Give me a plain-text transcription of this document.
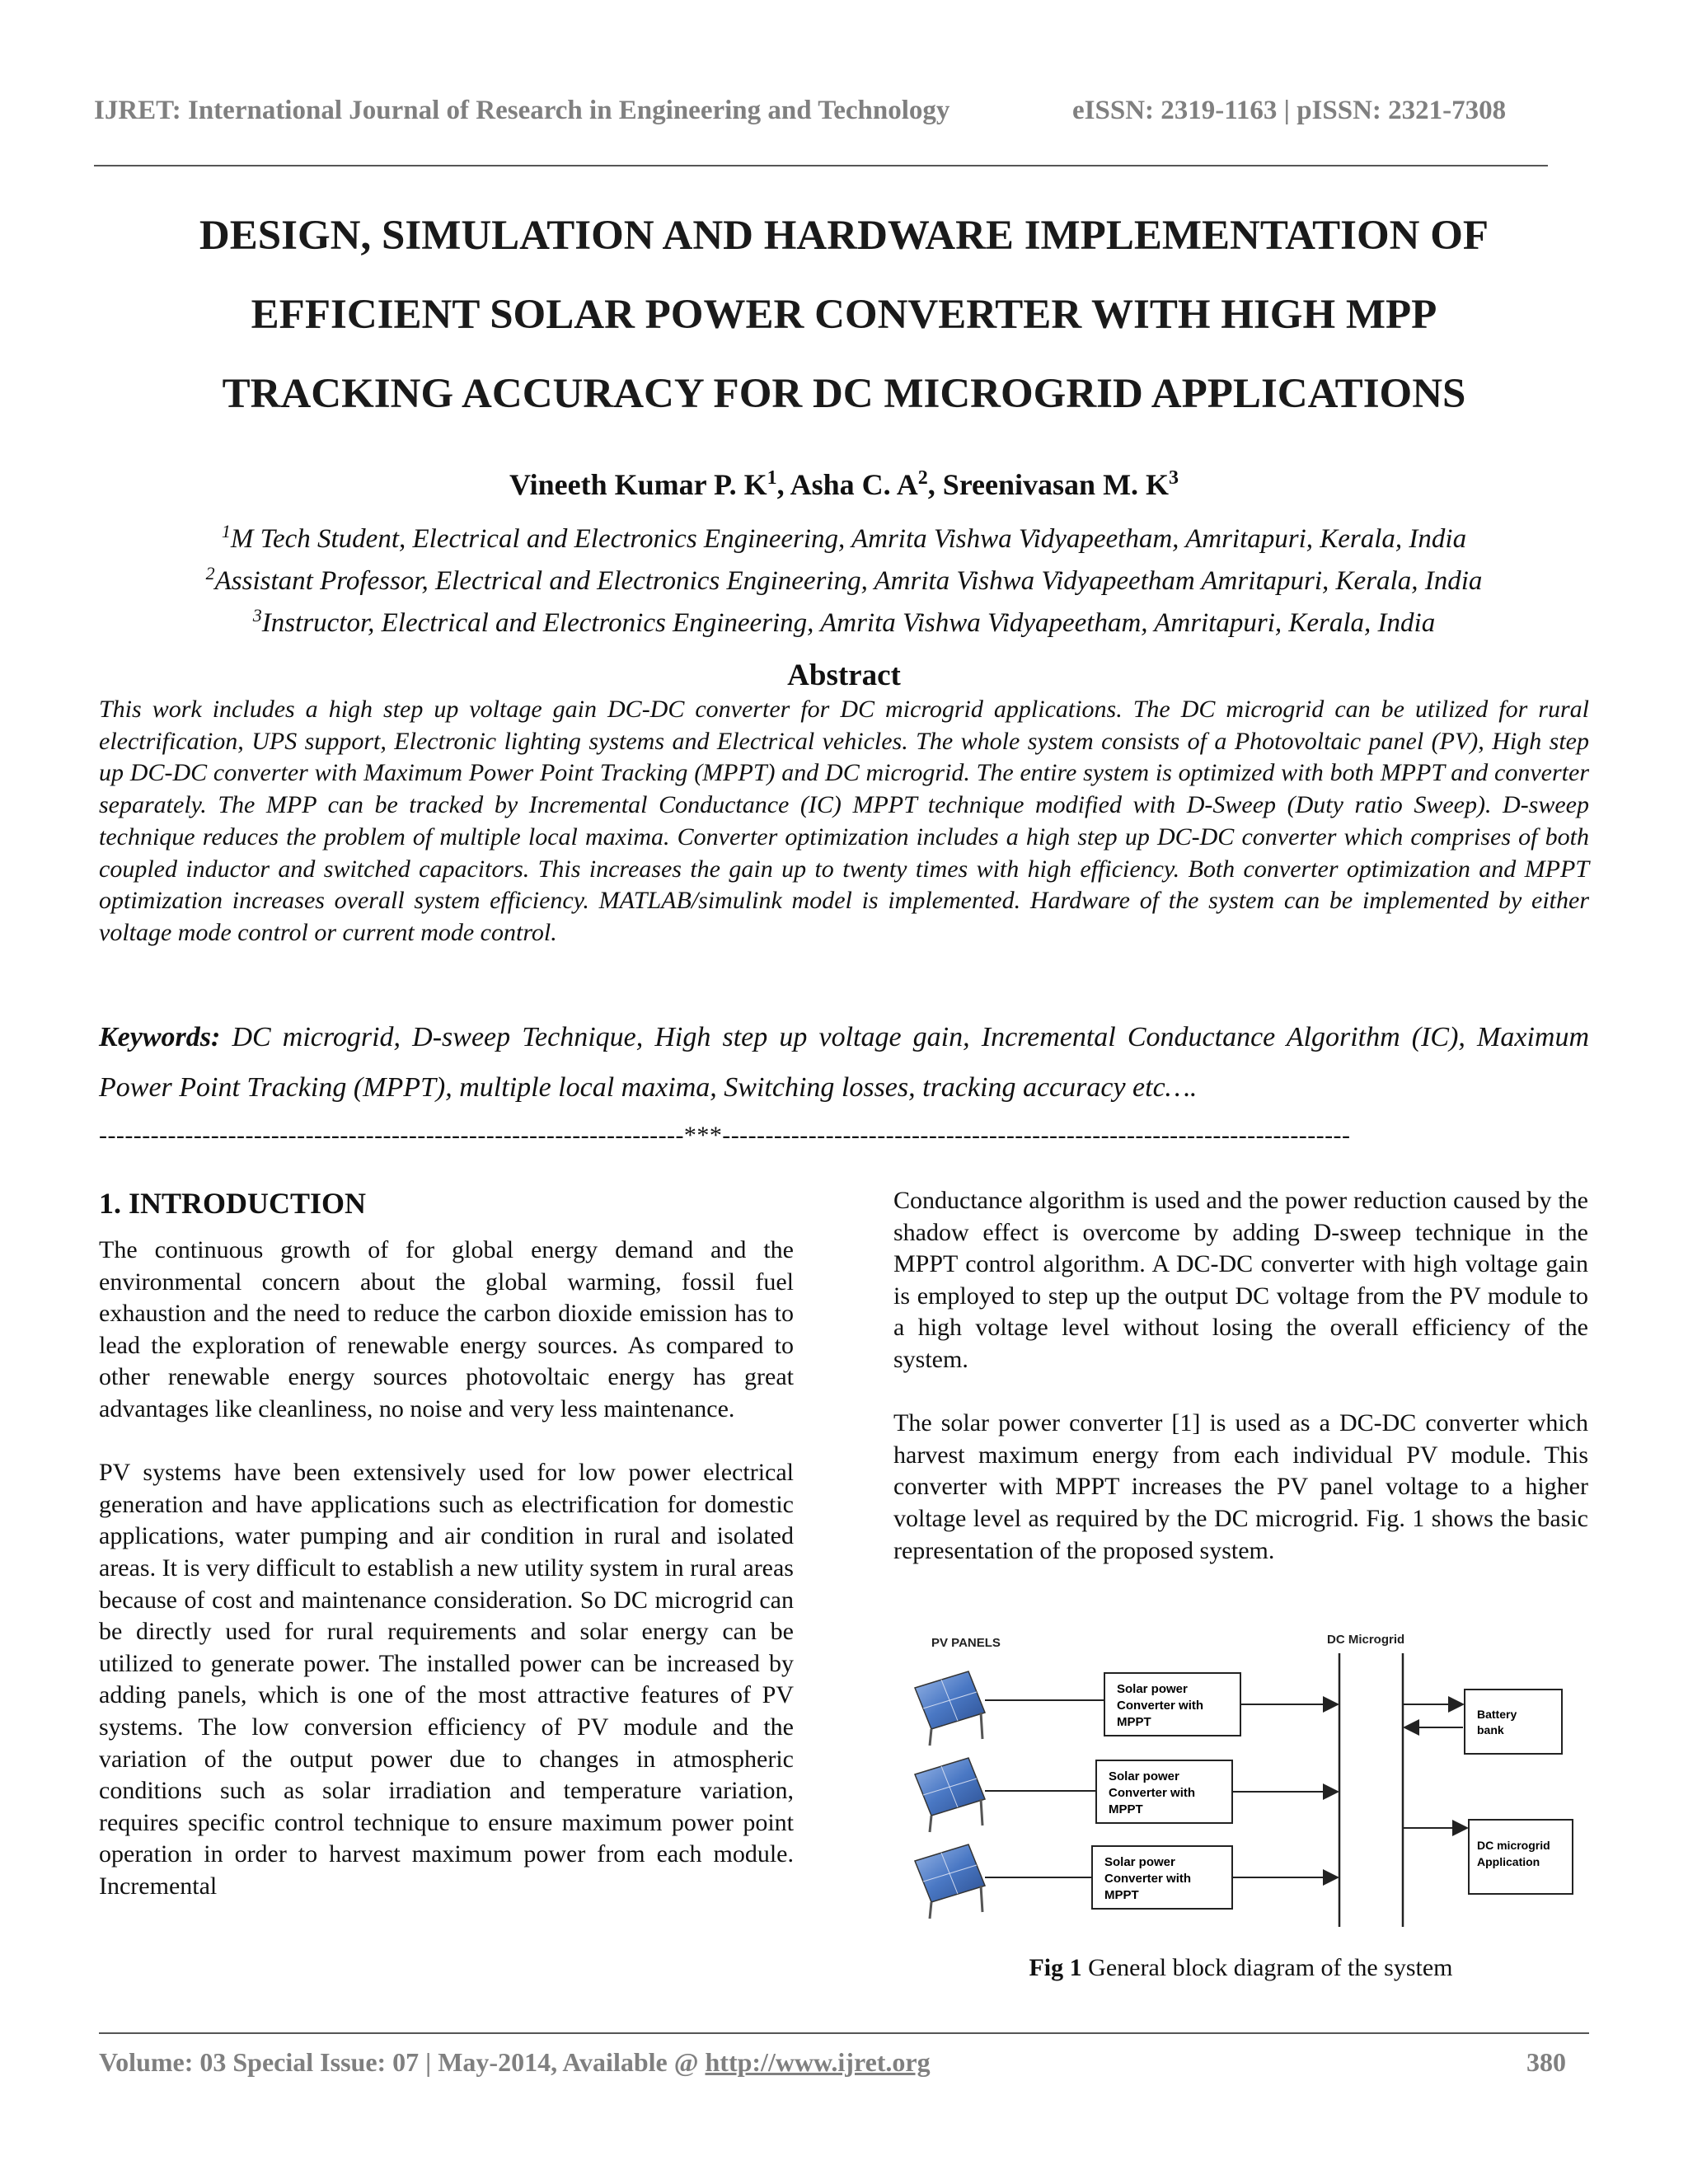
IJRET: International Journal of Research in Engineering and Technology	eISSN: 2319-1163 | pISSN: 2321-7308
DESIGN, SIMULATION AND HARDWARE IMPLEMENTATION OF
EFFICIENT SOLAR POWER CONVERTER WITH HIGH MPP
TRACKING ACCURACY FOR DC MICROGRID APPLICATIONS
Vineeth Kumar P. $K^1$, Asha C. $A^2$, Sreenivasan M. $K^3$
$^1$M Tech Student, Electrical and Electronics Engineering, Amrita Vishwa Vidyapeetham, Amritapuri, Kerala, India
$^2$Assistant Professor, Electrical and Electronics Engineering, Amrita Vishwa Vidyapeetham Amritapuri, Kerala, India
$^3$Instructor, Electrical and Electronics Engineering, Amrita Vishwa Vidyapeetham, Amritapuri, Kerala, India
Abstract
This work includes a high step up voltage gain DC-DC converter for DC microgrid applications. The DC microgrid can be utilized for rural electrification, UPS support, Electronic lighting systems and Electrical vehicles. The whole system consists of a Photovoltaic panel (PV), High step up DC-DC converter with Maximum Power Point Tracking (MPPT) and DC microgrid. The entire system is optimized with both MPPT and converter separately. The MPP can be tracked by Incremental Conductance (IC) MPPT technique modified with D-Sweep (Duty ratio Sweep). D-sweep technique reduces the problem of multiple local maxima. Converter optimization includes a high step up DC-DC converter which comprises of both coupled inductor and switched capacitors. This increases the gain up to twenty times with high efficiency. Both converter optimization and MPPT optimization increases overall system efficiency. MATLAB/simulink model is implemented. Hardware of the system can be implemented by either voltage mode control or current mode control.
Keywords: DC microgrid, D-sweep Technique, High step up voltage gain, Incremental Conductance Algorithm (IC), Maximum Power Point Tracking (MPPT), multiple local maxima, Switching losses, tracking accuracy etc….
--------------------------------------------------------------------***-------------------------------------------------------------------------
1. INTRODUCTION

The continuous growth of for global energy demand and the environmental concern about the global warming, fossil fuel exhaustion and the need to reduce the carbon dioxide emission has to lead the exploration of renewable energy sources. As compared to other renewable energy sources photovoltaic energy has great advantages like cleanliness, no noise and very less maintenance.

PV systems have been extensively used for low power electrical generation and have applications such as electrification for domestic applications, water pumping and air condition in rural and isolated areas. It is very difficult to establish a new utility system in rural areas because of cost and maintenance consideration. So DC microgrid can be directly used for rural requirements and solar energy can be utilized to generate power. The installed power can be increased by adding panels, which is one of the most attractive features of PV systems. The low conversion efficiency of PV module and the variation of the output power due to changes in atmospheric conditions such as solar irradiation and temperature variation, requires specific control technique to ensure maximum power point operation in order to harvest maximum power from each module. Incremental

Conductance algorithm is used and the power reduction caused by the shadow effect is overcome by adding D-sweep technique in the MPPT control algorithm. A DC-DC converter with high voltage gain is employed to step up the output DC voltage from the PV module to a high voltage level without losing the overall efficiency of the system.

The solar power converter [1] is used as a DC-DC converter which harvest maximum energy from each individual PV module. This converter with MPPT increases the PV panel voltage to a higher voltage level as required by the DC microgrid. Fig. 1 shows the basic representation of the proposed system.

PV PANELS	DC Microgrid
Solar power
Converter with
MPPT
Solar power
Converter with
MPPT
Solar power
Converter with
MPPT
Battery
bank
DC microgrid
Application
Fig 1 General block diagram of the system
Volume: 03 Special Issue: 07 | May-2014, Available @ http://www.ijret.org	380
